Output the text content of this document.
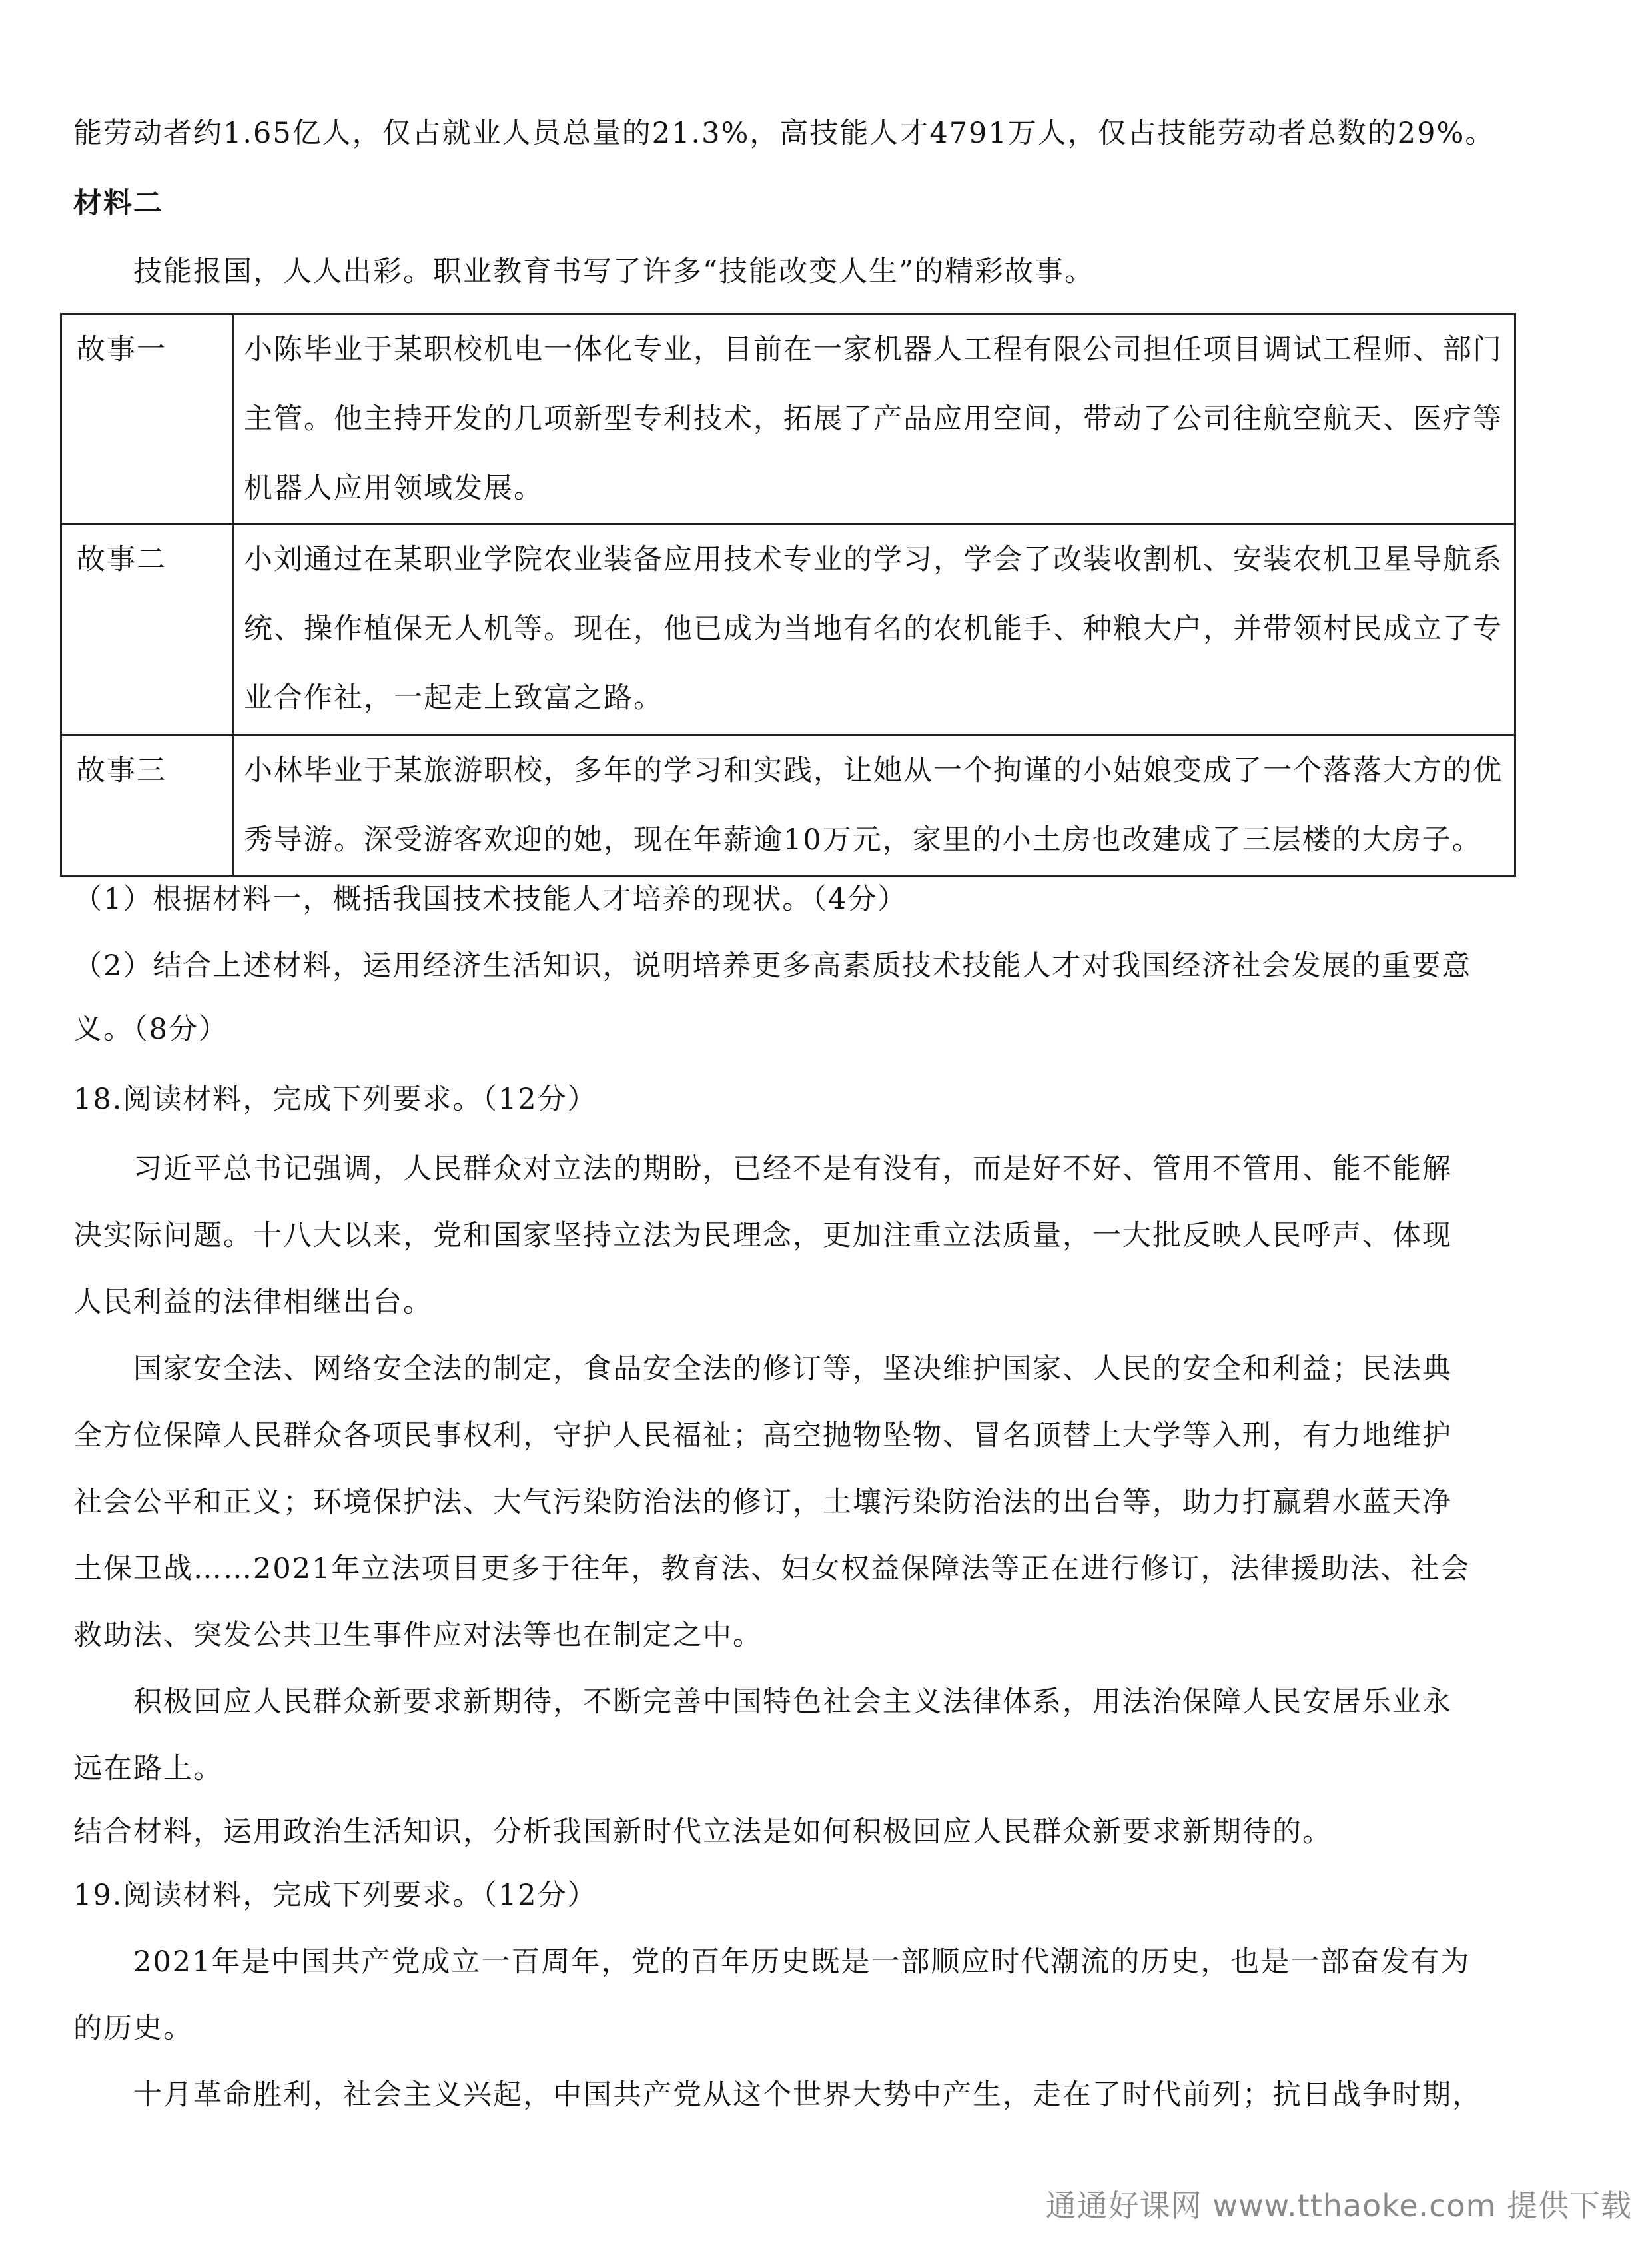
能劳动者约1.65亿人，仅占就业人员总量的21.3%，高技能人才4791万人，仅占技能劳动者总数的29%。
材料二
技能报国，人人出彩。职业教育书写了许多“技能改变人生”的精彩故事。
故事一	小陈毕业于某职校机电一体化专业，目前在一家机器人工程有限公司担任项目调试工程师、部门主管。他主持开发的几项新型专利技术，拓展了产品应用空间，带动了公司往航空航天、医疗等机器人应用领域发展。
故事二	小刘通过在某职业学院农业装备应用技术专业的学习，学会了改装收割机、安装农机卫星导航系统、操作植保无人机等。现在，他已成为当地有名的农机能手、种粮大户，并带领村民成立了专业合作社，一起走上致富之路。
故事三	小林毕业于某旅游职校，多年的学习和实践，让她从一个拘谨的小姑娘变成了一个落落大方的优秀导游。深受游客欢迎的她，现在年薪逾10万元，家里的小土房也改建成了三层楼的大房子。
（1）根据材料一，概括我国技术技能人才培养的现状。（4分）
（2）结合上述材料，运用经济生活知识，说明培养更多高素质技术技能人才对我国经济社会发展的重要意
义。（8分）
18.阅读材料，完成下列要求。（12分）
习近平总书记强调，人民群众对立法的期盼，已经不是有没有，而是好不好、管用不管用、能不能解
决实际问题。十八大以来，党和国家坚持立法为民理念，更加注重立法质量，一大批反映人民呼声、体现
人民利益的法律相继出台。
国家安全法、网络安全法的制定，食品安全法的修订等，坚决维护国家、人民的安全和利益；民法典
全方位保障人民群众各项民事权利，守护人民福祉；高空抛物坠物、冒名顶替上大学等入刑，有力地维护
社会公平和正义；环境保护法、大气污染防治法的修订，土壤污染防治法的出台等，助力打赢碧水蓝天净
土保卫战……2021年立法项目更多于往年，教育法、妇女权益保障法等正在进行修订，法律援助法、社会
救助法、突发公共卫生事件应对法等也在制定之中。
积极回应人民群众新要求新期待，不断完善中国特色社会主义法律体系，用法治保障人民安居乐业永
远在路上。
结合材料，运用政治生活知识，分析我国新时代立法是如何积极回应人民群众新要求新期待的。
19.阅读材料，完成下列要求。（12分）
2021年是中国共产党成立一百周年，党的百年历史既是一部顺应时代潮流的历史，也是一部奋发有为
的历史。
十月革命胜利，社会主义兴起，中国共产党从这个世界大势中产生，走在了时代前列；抗日战争时期，
通通好课网 www.tthaoke.com 提供下载
